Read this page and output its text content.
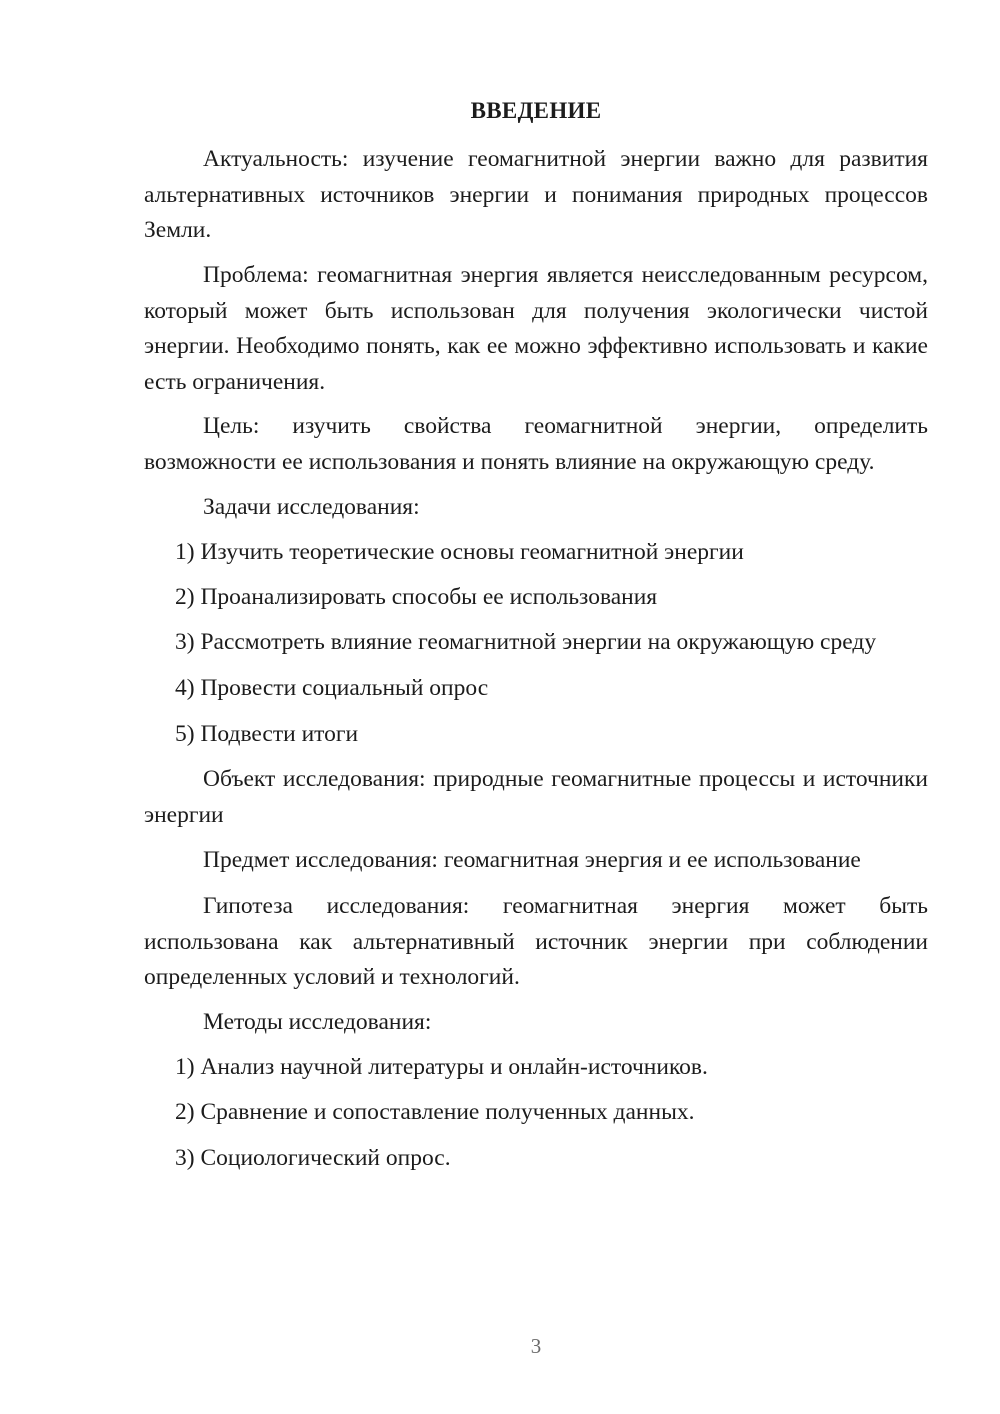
ВВЕДЕНИЕ

Актуальность: изучение геомагнитной энергии важно для развития альтернативных источников энергии и понимания природных процессов Земли.

Проблема: геомагнитная энергия является неисследованным ресурсом, который может быть использован для получения экологически чистой энергии. Необходимо понять, как ее можно эффективно использовать и какие есть ограничения.

Цель: изучить свойства геомагнитной энергии, определить возможности ее использования и понять влияние на окружающую среду.

Задачи исследования:

1) Изучить теоретические основы геомагнитной энергии

2) Проанализировать способы ее использования

3) Рассмотреть влияние геомагнитной энергии на окружающую среду

4) Провести социальный опрос

5) Подвести итоги

Объект исследования: природные геомагнитные процессы и источники энергии

Предмет исследования: геомагнитная энергия и ее использование

Гипотеза исследования: геомагнитная энергия может быть использована как альтернативный источник энергии при соблюдении определенных условий и технологий.

Методы исследования:

1) Анализ научной литературы и онлайн-источников.

2) Сравнение и сопоставление полученных данных.

3) Социологический опрос.

3
